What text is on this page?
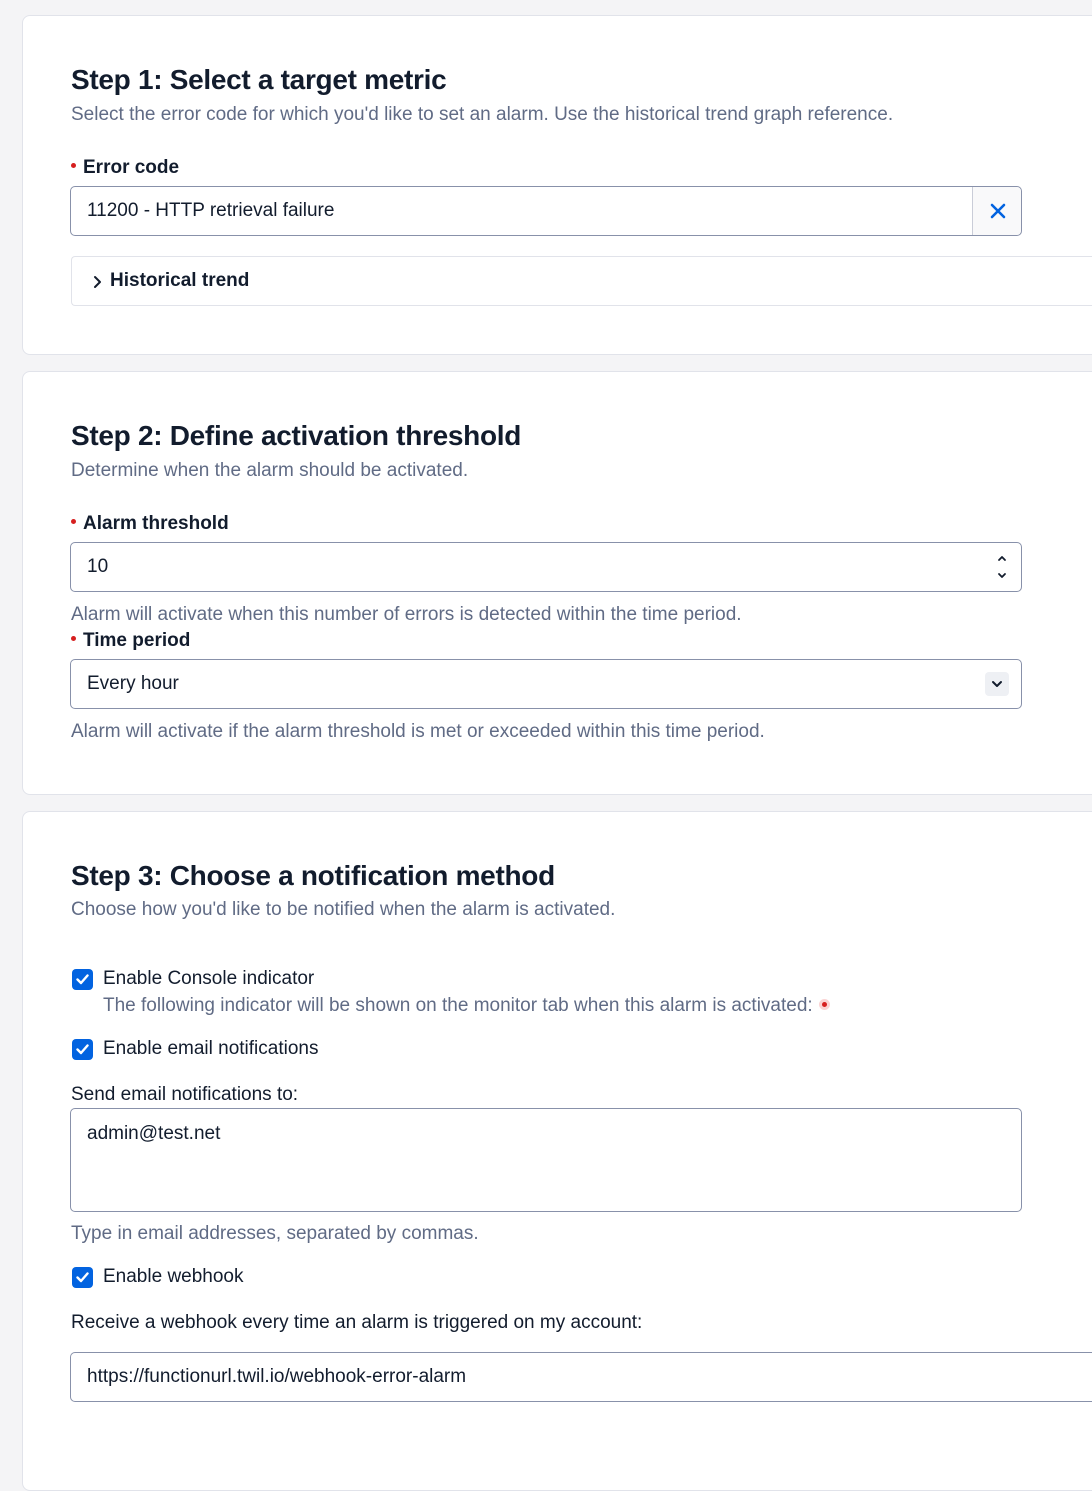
Step 1: Select a target metric
Select the error code for which you'd like to set an alarm. Use the historical trend graph reference.
Error code
11200 - HTTP retrieval failure
Historical trend
Step 2: Define activation threshold
Determine when the alarm should be activated.
Alarm threshold
10
Alarm will activate when this number of errors is detected within the time period.
Time period
Every hour
Alarm will activate if the alarm threshold is met or exceeded within this time period.
Step 3: Choose a notification method
Choose how you'd like to be notified when the alarm is activated.
Enable Console indicator
The following indicator will be shown on the monitor tab when this alarm is activated:
Enable email notifications
Send email notifications to:
admin@test.net
Type in email addresses, separated by commas.
Enable webhook
Receive a webhook every time an alarm is triggered on my account:
https://functionurl.twil.io/webhook-error-alarm
